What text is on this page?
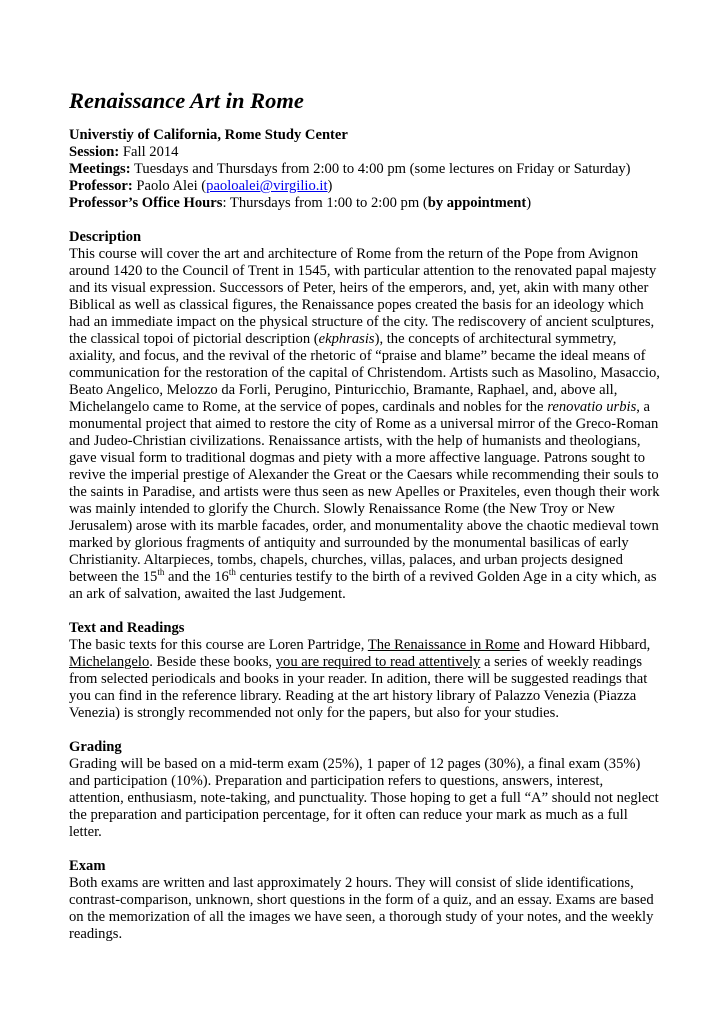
Renaissance Art in Rome
Universtiy of California, Rome Study Center
Session: Fall 2014
Meetings: Tuesdays and Thursdays from 2:00 to 4:00 pm (some lectures on Friday or Saturday)
Professor: Paolo Alei (paoloalei@virgilio.it)
Professor’s Office Hours: Thursdays from 1:00 to 2:00 pm (by appointment)
Description
This course will cover the art and architecture of Rome from the return of the Pope from Avignon around 1420 to the Council of Trent in 1545, with particular attention to the renovated papal majesty and its visual expression. Successors of Peter, heirs of the emperors, and, yet, akin with many other Biblical as well as classical figures, the Renaissance popes created the basis for an ideology which had an immediate impact on the physical structure of the city. The rediscovery of ancient sculptures, the classical topoi of pictorial description (ekphrasis), the concepts of architectural symmetry, axiality, and focus, and the revival of the rhetoric of “praise and blame” became the ideal means of communication for the restoration of the capital of Christendom. Artists such as Masolino, Masaccio, Beato Angelico, Melozzo da Forli, Perugino, Pinturicchio, Bramante, Raphael, and, above all, Michelangelo came to Rome, at the service of popes, cardinals and nobles for the renovatio urbis, a monumental project that aimed to restore the city of Rome as a universal mirror of the Greco-Roman and Judeo-Christian civilizations. Renaissance artists, with the help of humanists and theologians, gave visual form to traditional dogmas and piety with a more affective language. Patrons sought to revive the imperial prestige of Alexander the Great or the Caesars while recommending their souls to the saints in Paradise, and artists were thus seen as new Apelles or Praxiteles, even though their work was mainly intended to glorify the Church. Slowly Renaissance Rome (the New Troy or New Jerusalem) arose with its marble facades, order, and monumentality above the chaotic medieval town marked by glorious fragments of antiquity and surrounded by the monumental basilicas of early Christianity. Altarpieces, tombs, chapels, churches, villas, palaces, and urban projects designed between the 15th and the 16th centuries testify to the birth of a revived Golden Age in a city which, as an ark of salvation, awaited the last Judgement.
Text and Readings
The basic texts for this course are Loren Partridge, The Renaissance in Rome and Howard Hibbard, Michelangelo. Beside these books, you are required to read attentively a series of weekly readings from selected periodicals and books in your reader. In adition, there will be suggested readings that you can find in the reference library. Reading at the art history library of Palazzo Venezia (Piazza Venezia) is strongly recommended not only for the papers, but also for your studies.
Grading
Grading will be based on a mid-term exam (25%), 1 paper of 12 pages (30%), a final exam (35%) and participation (10%). Preparation and participation refers to questions, answers, interest, attention, enthusiasm, note-taking, and punctuality. Those hoping to get a full “A” should not neglect the preparation and participation percentage, for it often can reduce your mark as much as a full letter.
Exam
Both exams are written and last approximately 2 hours. They will consist of slide identifications, contrast-comparison, unknown, short questions in the form of a quiz, and an essay. Exams are based on the memorization of all the images we have seen, a thorough study of your notes, and the weekly readings.
